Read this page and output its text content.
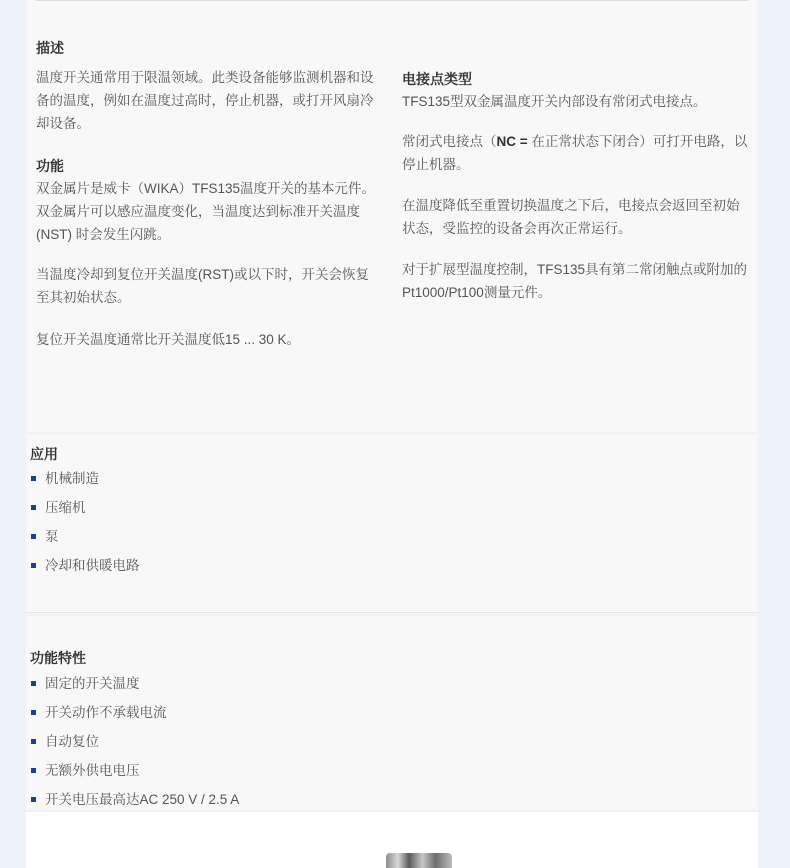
描述

温度开关通常用于限温领域。此类设备能够监测机器和设备的温度，例如在温度过高时，停止机器，或打开风扇冷却设备。

功能

双金属片是威卡（WIKA）TFS135温度开关的基本元件。双金属片可以感应温度变化，当温度达到标准开关温度 (NST) 时会发生闪跳。

当温度冷却到复位开关温度(RST)或以下时，开关会恢复至其初始状态。

复位开关温度通常比开关温度低15 ... 30 K。

电接点类型

TFS135型双金属温度开关内部设有常闭式电接点。

常闭式电接点（NC = 在正常状态下闭合）可打开电路，以停止机器。

在温度降低至重置切换温度之下后，电接点会返回至初始状态，受监控的设备会再次正常运行。

对于扩展型温度控制，TFS135具有第二常闭触点或附加的Pt1000/Pt100测量元件。

应用
机械制造
压缩机
泵
冷却和供暖电路
功能特性
固定的开关温度
开关动作不承载电流
自动复位
无额外供电电压
开关电压最高达AC 250 V / 2.5 A
